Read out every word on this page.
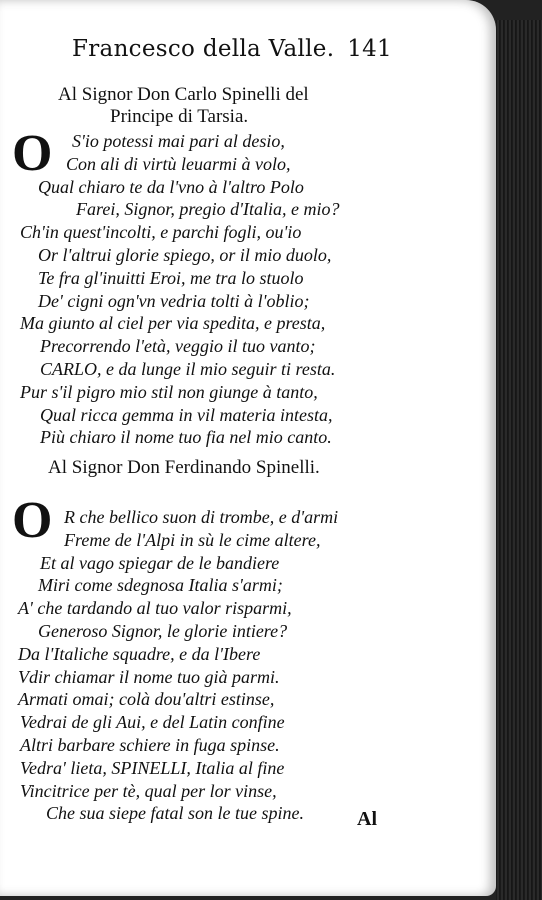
Francesco della Valle. 141
Al Signor Don Carlo Spinelli del
Principe di Tarsia.
O S'io potessi mai pari al desio,
Con ali di virtù leuarmi à volo,
Qual chiaro te da l'vno à l'altro Polo
Farei, Signor, pregio d'Italia, e mio?
Ch'in quest'incolti, e parchi fogli, ou'io
Or l'altrui glorie spiego, or il mio duolo,
Te fra gl'inuitti Eroi, me tra lo stuolo
De' cigni ogn'vn vedria tolti à l'oblio;
Ma giunto al ciel per via spedita, e presta,
Precorrendo l'età, veggio il tuo vanto;
CARLO, e da lunge il mio seguir ti resta.
Pur s'il pigro mio stil non giunge à tanto,
Qual ricca gemma in vil materia intesta,
Più chiaro il nome tuo fia nel mio canto.
Al Signor Don Ferdinando Spinelli.
O R che bellico suon di trombe, e d'armi
Freme de l'Alpi in sù le cime altere,
Et al vago spiegar de le bandiere
Miri come sdegnosa Italia s'armi;
A' che tardando al tuo valor risparmi,
Generoso Signor, le glorie intiere?
Da l'Italiche squadre, e da l'Ibere
Vdir chiamar il nome tuo già parmi.
Armati omai; colà dou'altri estinse,
Vedrai de gli Aui, e del Latin confine
Altri barbare schiere in fuga spinse.
Vedra' lieta, SPINELLI, Italia al fine
Vincitrice per tè, qual per lor vinse,
Che sua siepe fatal son le tue spine.	Al
